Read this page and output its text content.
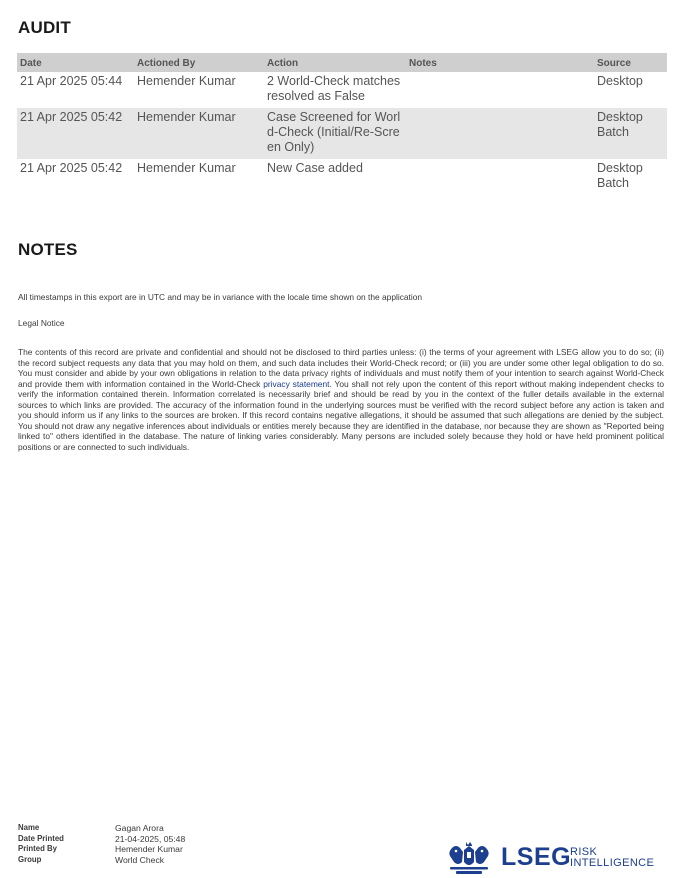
AUDIT
Date	Actioned By	Action	Notes	Source
21 Apr 2025 05:44	Hemender Kumar	2 World-Check matches resolved as False		Desktop
21 Apr 2025 05:42	Hemender Kumar	Case Screened for World-Check (Initial/Re-Screen Only)		Desktop Batch
21 Apr 2025 05:42	Hemender Kumar	New Case added		Desktop Batch
NOTES
All timestamps in this export are in UTC and may be in variance with the locale time shown on the application
Legal Notice
The contents of this record are private and confidential and should not be disclosed to third parties unless: (i) the terms of your agreement with LSEG allow you to do so; (ii) the record subject requests any data that you may hold on them, and such data includes their World-Check record; or (iii) you are under some other legal obligation to do so. You must consider and abide by your own obligations in relation to the data privacy rights of individuals and must notify them of your intention to search against World-Check and provide them with information contained in the World-Check privacy statement. You shall not rely upon the content of this report without making independent checks to verify the information contained therein. Information correlated is necessarily brief and should be read by you in the context of the fuller details available in the external sources to which links are provided. The accuracy of the information found in the underlying sources must be verified with the record subject before any action is taken and you should inform us if any links to the sources are broken. If this record contains negative allegations, it should be assumed that such allegations are denied by the subject. You should not draw any negative inferences about individuals or entities merely because they are identified in the database, nor because they are shown as "Reported being linked to" others identified in the database. The nature of linking varies considerably. Many persons are included solely because they hold or have held prominent political positions or are connected to such individuals.
Name	Gagan Arora
Date Printed	21-04-2025, 05:48
Printed By	Hemender Kumar
Group	World Check	LSEG
RISK
INTELLIGENCE
